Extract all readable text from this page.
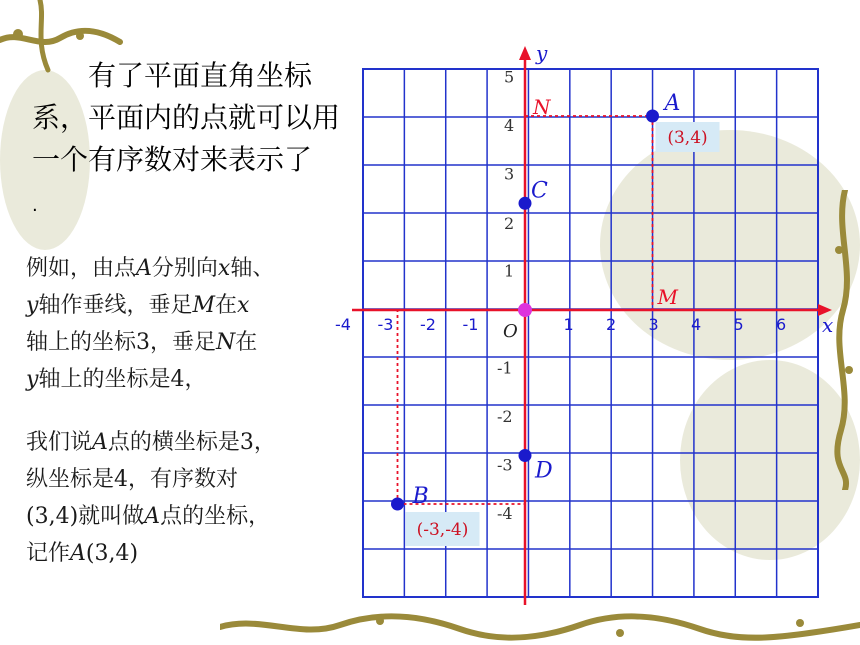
有了平面直角坐标系，平面内的点就可以用一个有序数对来表示了.
例如，由点A分别向x轴、
y轴作垂线，垂足M在x
轴上的坐标3，垂足N在
y轴上的坐标是4，
我们说A点的横坐标是3，
纵坐标是4，有序数对
(3,4)就叫做A点的坐标，
记作A(3,4)
x
y
O
-4 -3 -2 -1	1 2 3 4 5 6
5
4
3
2
1
-1
-2
-3
-4
A
B
C
D
M
N
(3,4)
(-3,-4)
